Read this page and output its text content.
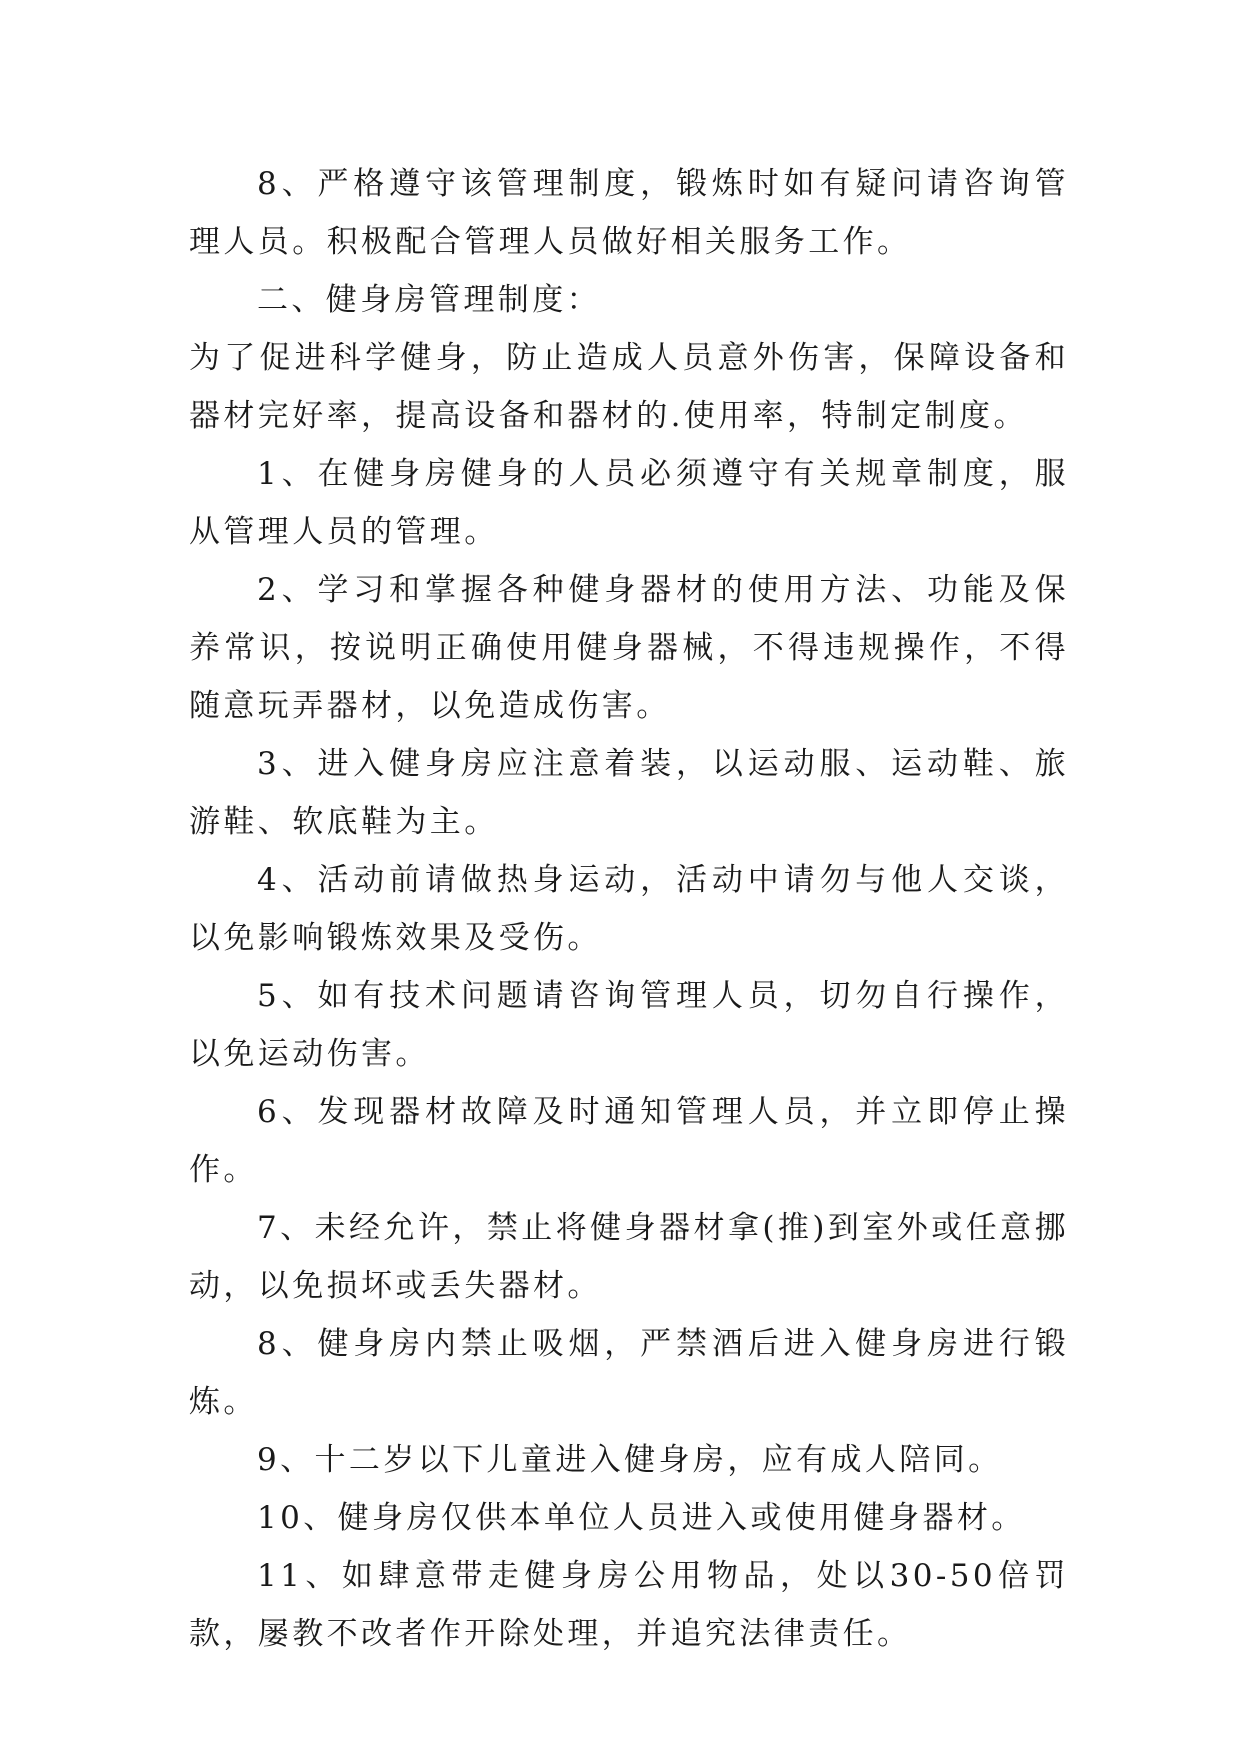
8、严格遵守该管理制度，锻炼时如有疑问请咨询管理人员。积极配合管理人员做好相关服务工作。

二、健身房管理制度：

为了促进科学健身，防止造成人员意外伤害，保障设备和器材完好率，提高设备和器材的.使用率，特制定制度。

1、在健身房健身的人员必须遵守有关规章制度，服从管理人员的管理。

2、学习和掌握各种健身器材的使用方法、功能及保养常识，按说明正确使用健身器械，不得违规操作，不得随意玩弄器材，以免造成伤害。

3、进入健身房应注意着装，以运动服、运动鞋、旅游鞋、软底鞋为主。

4、活动前请做热身运动，活动中请勿与他人交谈，以免影响锻炼效果及受伤。

5、如有技术问题请咨询管理人员，切勿自行操作，以免运动伤害。

6、发现器材故障及时通知管理人员，并立即停止操作。

7、未经允许，禁止将健身器材拿(推)到室外或任意挪动，以免损坏或丢失器材。

8、健身房内禁止吸烟，严禁酒后进入健身房进行锻炼。

9、十二岁以下儿童进入健身房，应有成人陪同。

10、健身房仅供本单位人员进入或使用健身器材。

11、如肆意带走健身房公用物品，处以30-50倍罚款，屡教不改者作开除处理，并追究法律责任。
